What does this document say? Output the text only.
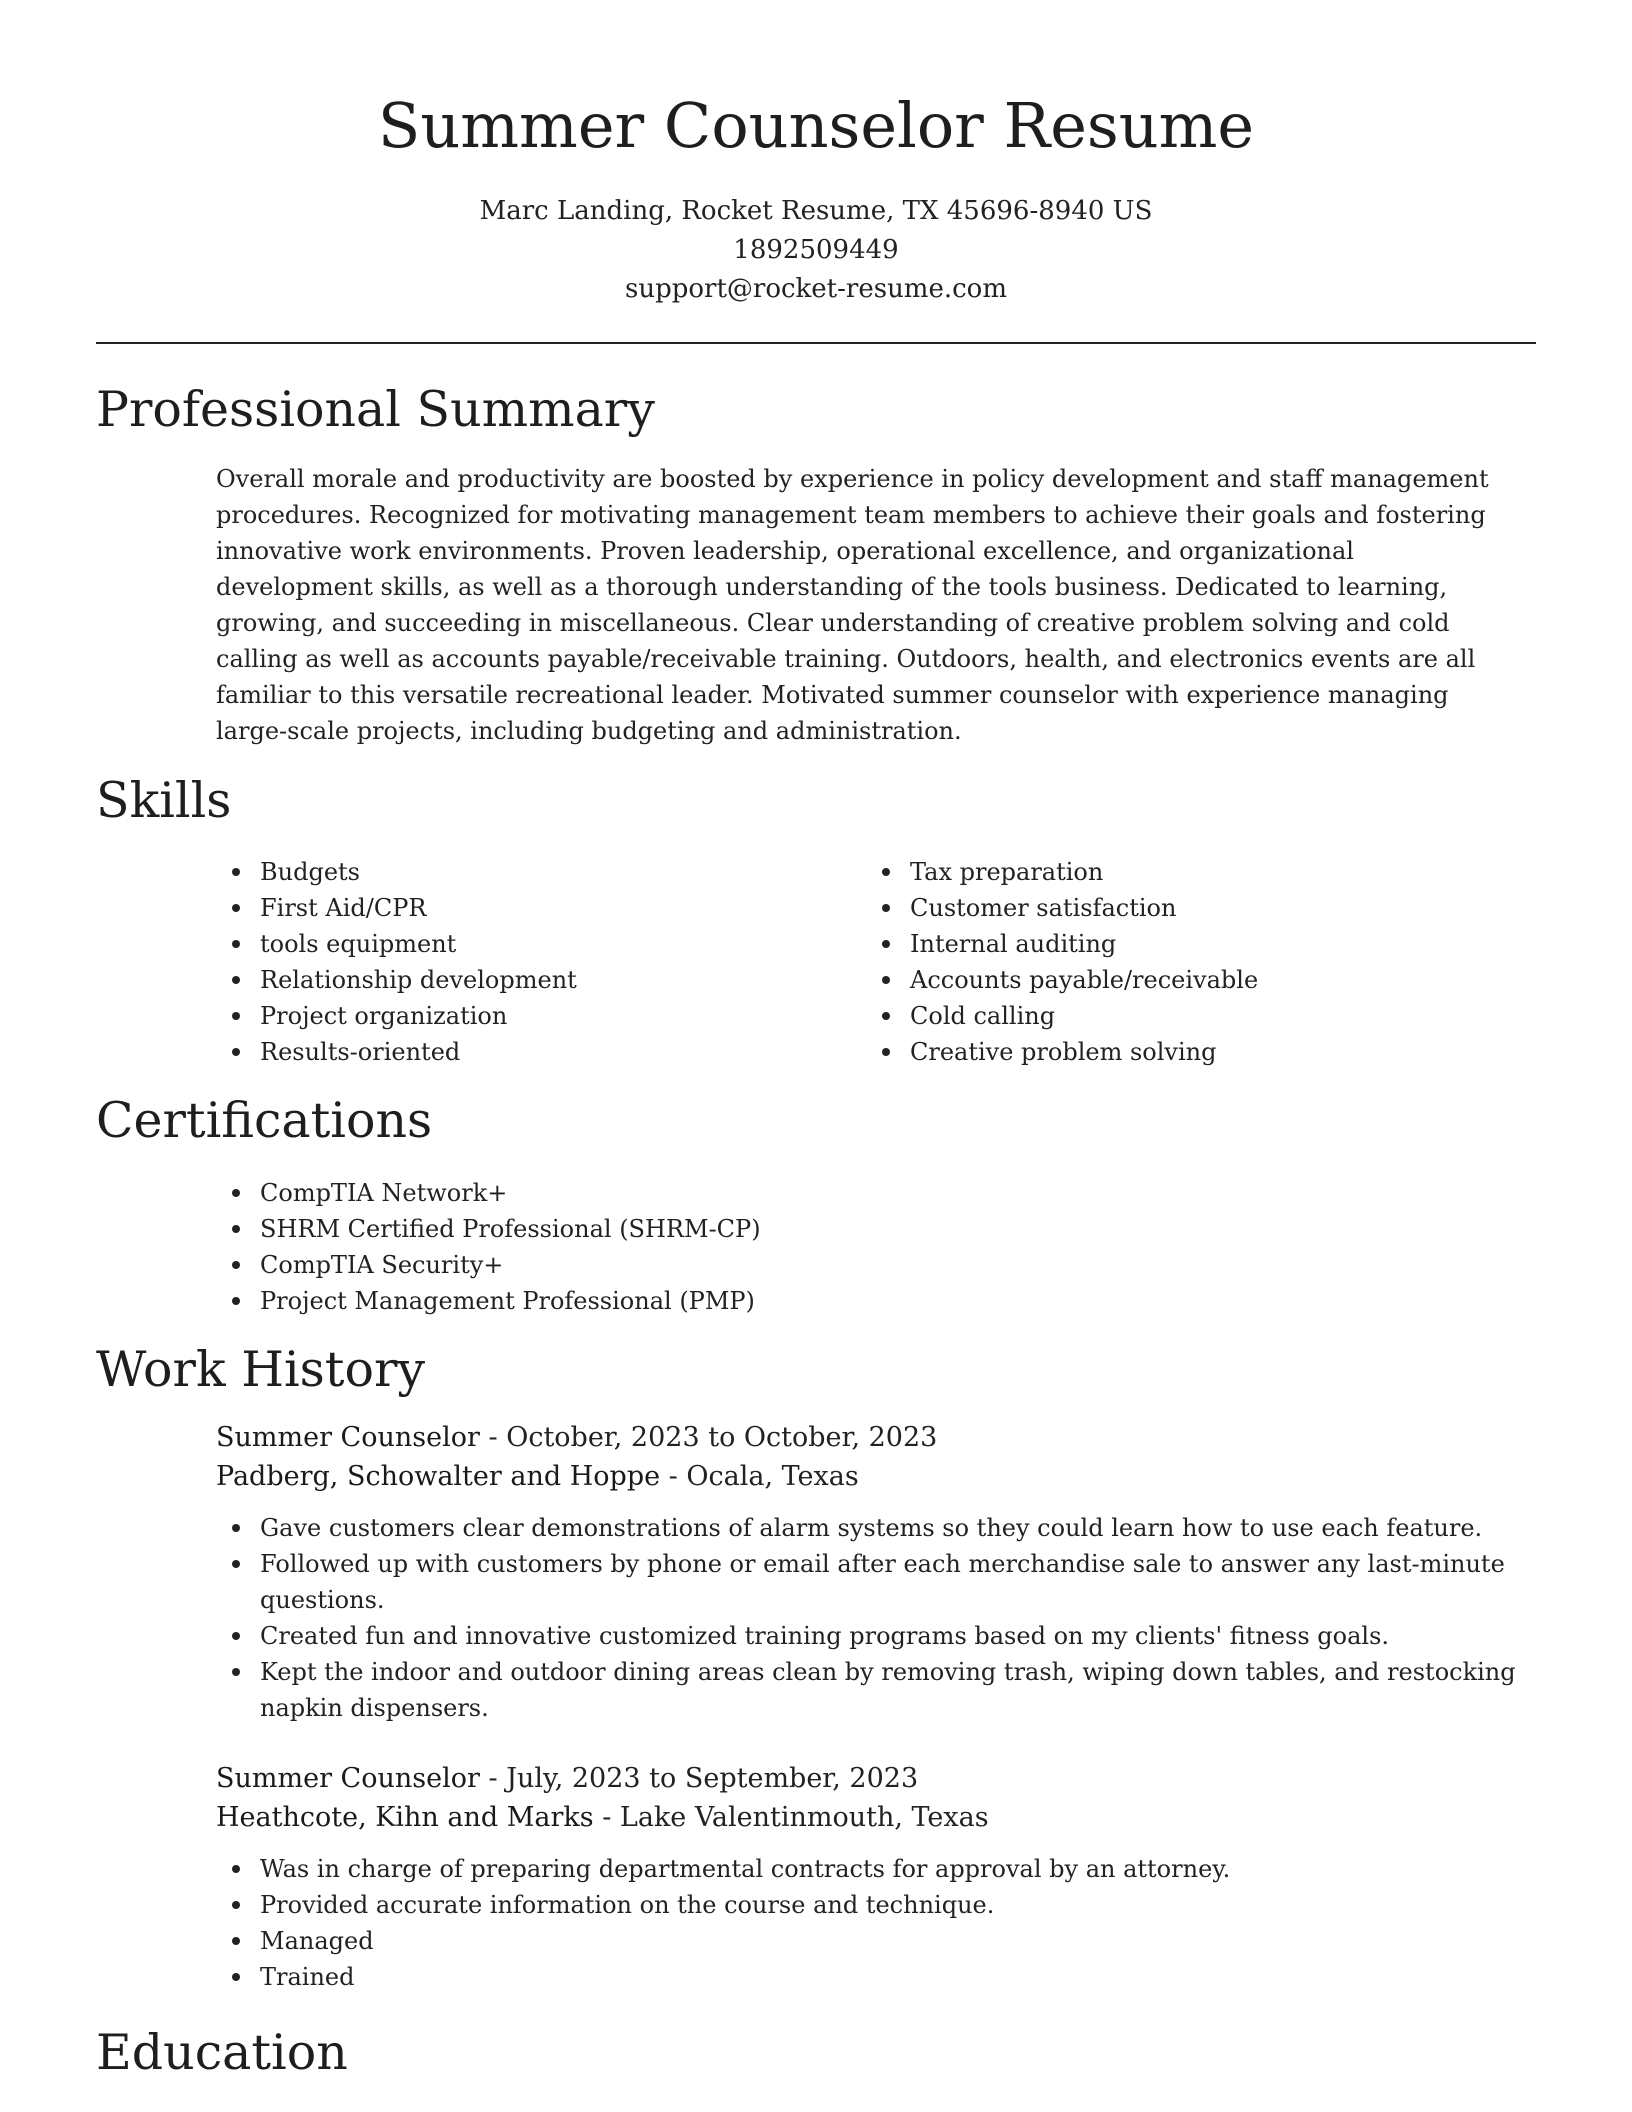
Summer Counselor Resume
Marc Landing, Rocket Resume, TX 45696-8940 US
1892509449
support@rocket-resume.com
Professional Summary

Overall morale and productivity are boosted by experience in policy development and staff management procedures. Recognized for motivating management team members to achieve their goals and fostering innovative work environments. Proven leadership, operational excellence, and organizational development skills, as well as a thorough understanding of the tools business. Dedicated to learning, growing, and succeeding in miscellaneous. Clear understanding of creative problem solving and cold calling as well as accounts payable/receivable training. Outdoors, health, and electronics events are all familiar to this versatile recreational leader. Motivated summer counselor with experience managing large-scale projects, including budgeting and administration.

Skills
Budgets
First Aid/CPR
tools equipment
Relationship development
Project organization
Results-oriented
Tax preparation
Customer satisfaction
Internal auditing
Accounts payable/receivable
Cold calling
Creative problem solving
Certifications
CompTIA Network+
SHRM Certified Professional (SHRM-CP)
CompTIA Security+
Project Management Professional (PMP)
Work History
Summer Counselor - October, 2023 to October, 2023
Padberg, Schowalter and Hoppe - Ocala, Texas
Gave customers clear demonstrations of alarm systems so they could learn how to use each feature.
Followed up with customers by phone or email after each merchandise sale to answer any last-minute questions.
Created fun and innovative customized training programs based on my clients' fitness goals.
Kept the indoor and outdoor dining areas clean by removing trash, wiping down tables, and restocking napkin dispensers.
Summer Counselor - July, 2023 to September, 2023
Heathcote, Kihn and Marks - Lake Valentinmouth, Texas
Was in charge of preparing departmental contracts for approval by an attorney.
Provided accurate information on the course and technique.
Managed
Trained
Education
